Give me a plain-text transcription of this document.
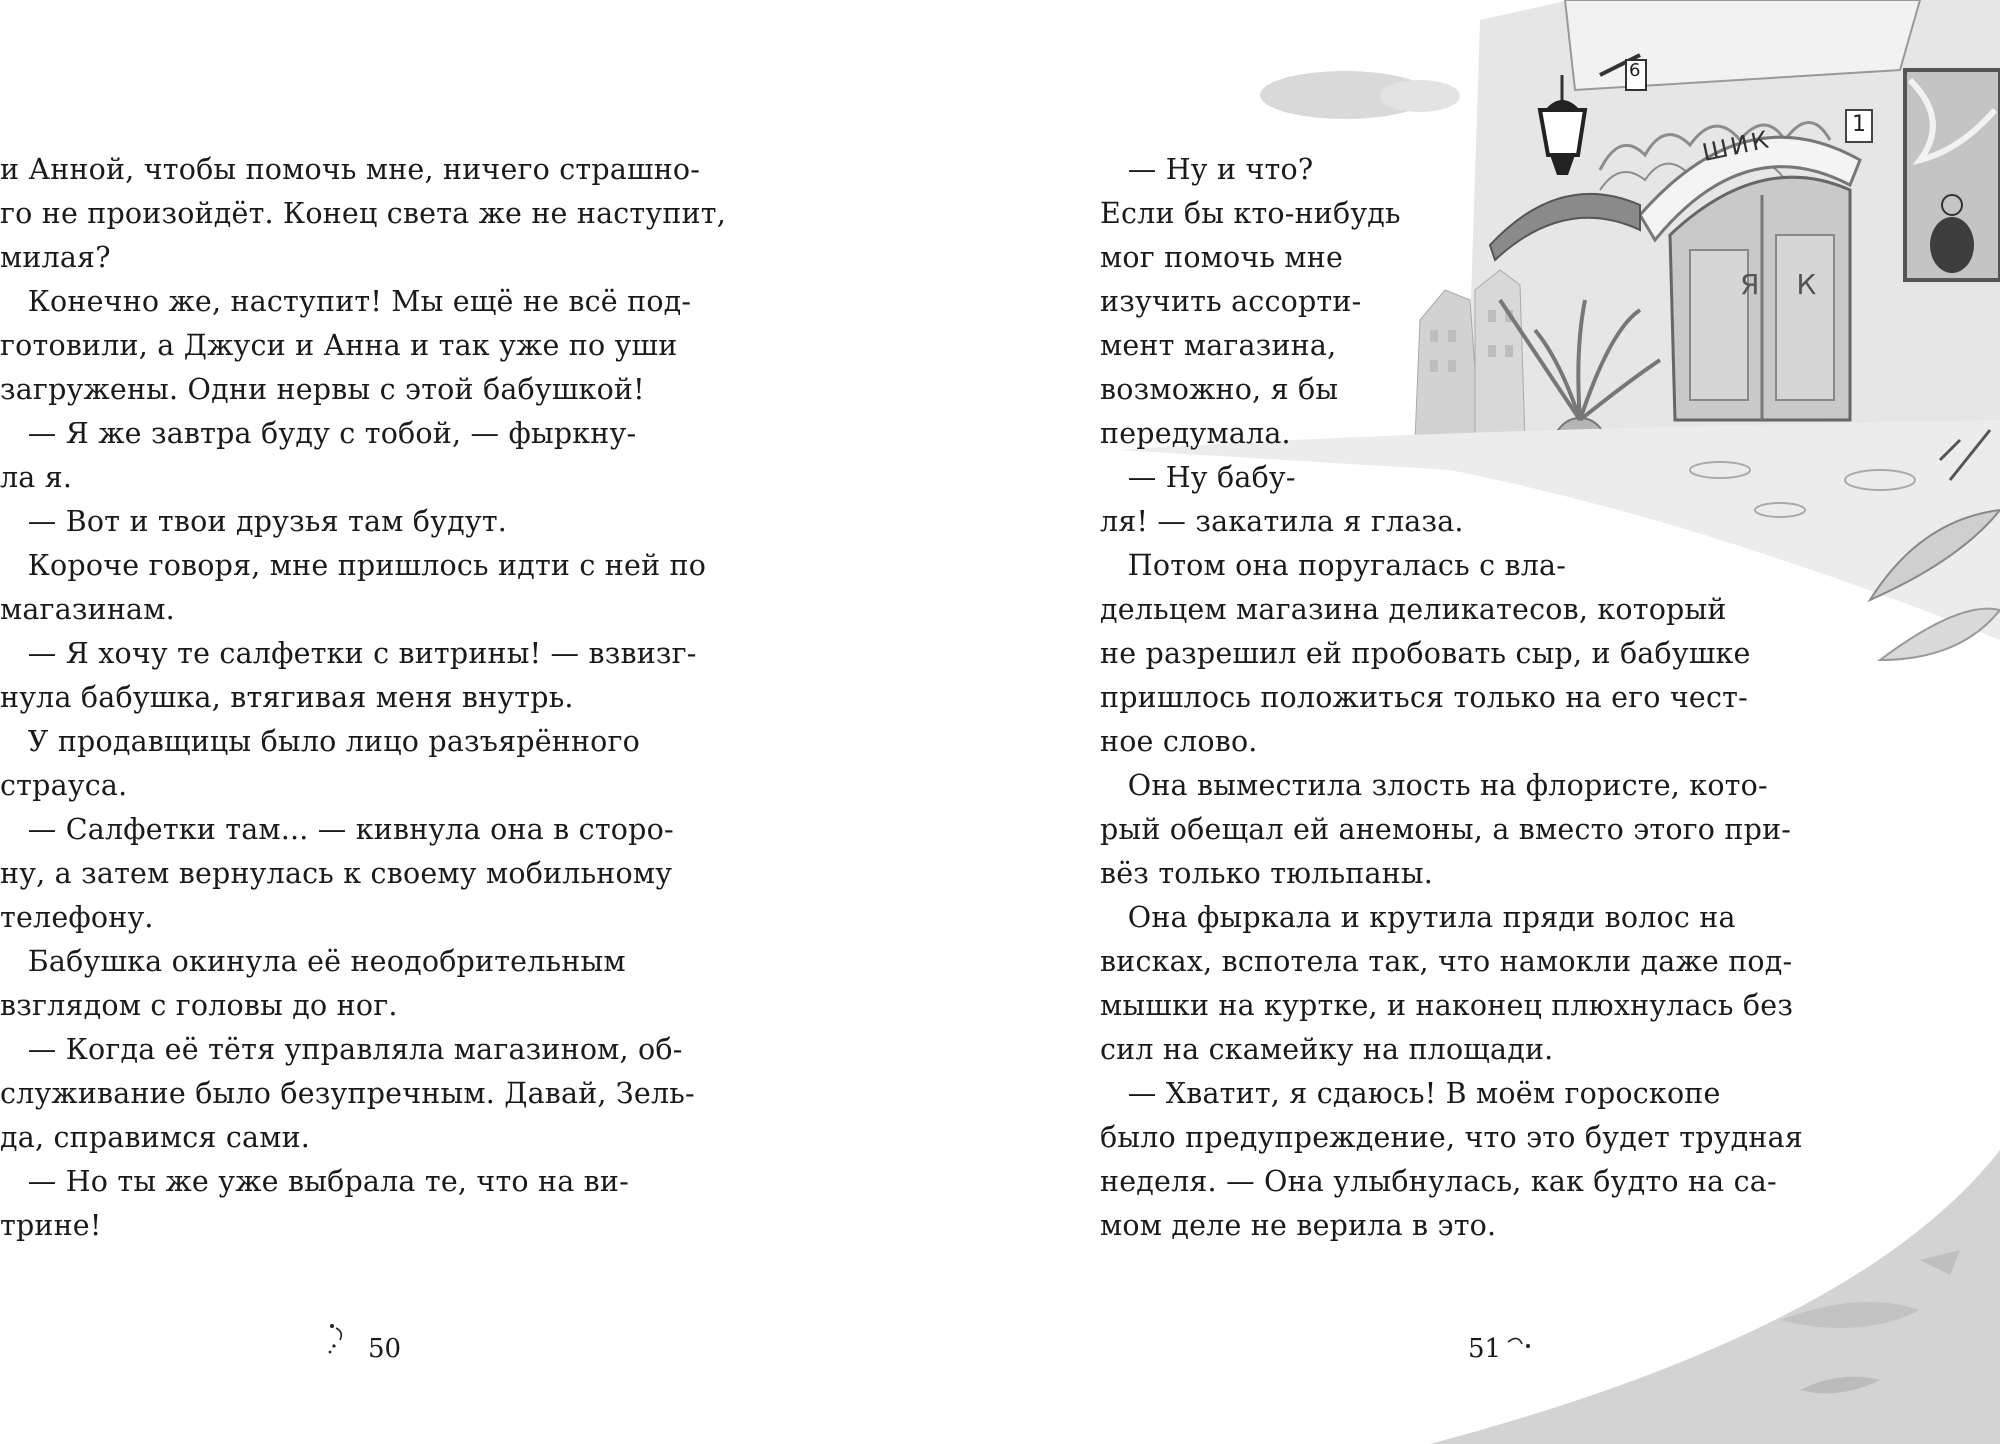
и Анной, чтобы помочь мне, ничего страшно-
го не произойдёт. Конец света же не наступит,
милая?
Конечно же, наступит! Мы ещё не всё под-
готовили, а Джуси и Анна и так уже по уши
загружены. Одни нервы с этой бабушкой!
— Я же завтра буду с тобой, — фыркну-
ла я.
— Вот и твои друзья там будут.
Короче говоря, мне пришлось идти с ней по
магазинам.
— Я хочу те салфетки с витрины! — взвизг-
нула бабушка, втягивая меня внутрь.
У продавщицы было лицо разъярённого
страуса.
— Салфетки там... — кивнула она в сторо-
ну, а затем вернулась к своему мобильному
телефону.
Бабушка окинула её неодобрительным
взглядом с головы до ног.
— Когда её тётя управляла магазином, об-
служивание было безупречным. Давай, Зель-
да, справимся сами.
— Но ты же уже выбрала те, что на ви-
трине!
50
ШИК
Я К
1
6
— Ну и что?
Если бы кто-нибудь
мог помочь мне
изучить ассорти-
мент магазина,
возможно, я бы
передумала.
— Ну бабу-
ля! — закатила я глаза.
Потом она поругалась с вла-
дельцем магазина деликатесов, который
не разрешил ей пробовать сыр, и бабушке
пришлось положиться только на его чест-
ное слово.
Она выместила злость на флористе, кото-
рый обещал ей анемоны, а вместо этого при-
вёз только тюльпаны.
Она фыркала и крутила пряди волос на
висках, вспотела так, что намокли даже под-
мышки на куртке, и наконец плюхнулась без
сил на скамейку на площади.
— Хватит, я сдаюсь! В моём гороскопе
было предупреждение, что это будет трудная
неделя. — Она улыбнулась, как будто на са-
мом деле не верила в это.
51
